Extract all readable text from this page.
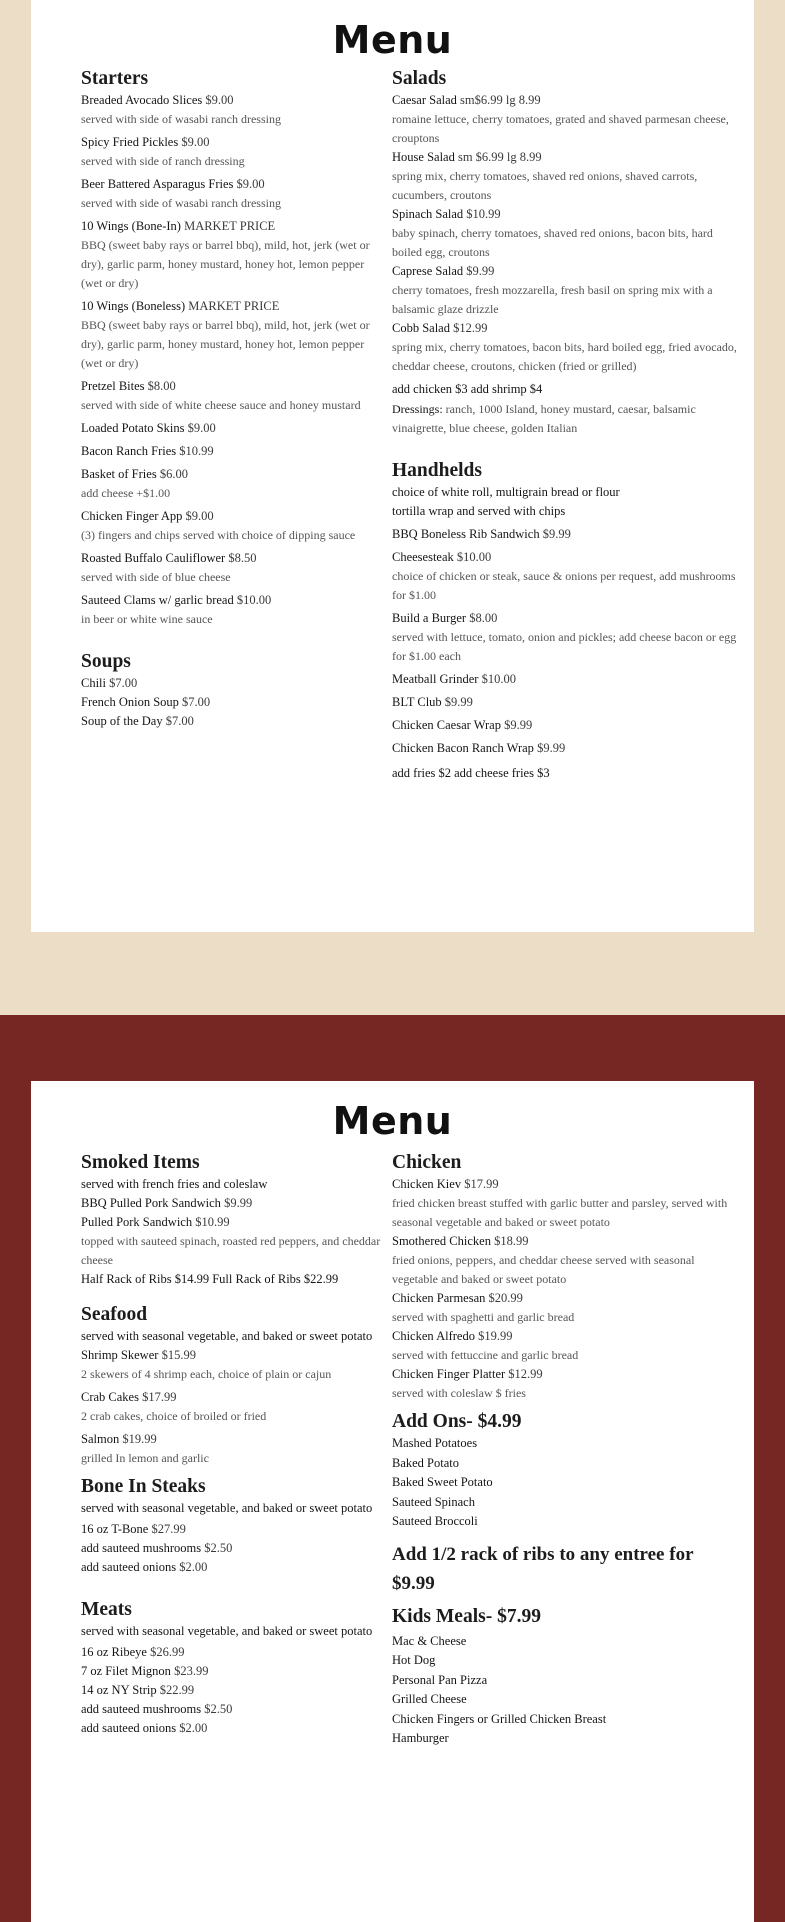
Menu
Starters
Breaded Avocado Slices $9.00
served with side of wasabi ranch dressing
Spicy Fried Pickles $9.00
served with side of ranch dressing
Beer Battered Asparagus Fries $9.00
served with side of wasabi ranch dressing
10 Wings (Bone-In) MARKET PRICE
BBQ (sweet baby rays or barrel bbq), mild, hot, jerk (wet or dry), garlic parm, honey mustard, honey hot, lemon pepper (wet or dry)
10 Wings (Boneless) MARKET PRICE
BBQ (sweet baby rays or barrel bbq), mild, hot, jerk (wet or dry), garlic parm, honey mustard, honey hot, lemon pepper (wet or dry)
Pretzel Bites $8.00
served with side of white cheese sauce and honey mustard
Loaded Potato Skins $9.00
Bacon Ranch Fries $10.99
Basket of Fries $6.00
add cheese +$1.00
Chicken Finger App $9.00
(3) fingers and chips served with choice of dipping sauce
Roasted Buffalo Cauliflower $8.50
served with side of blue cheese
Sauteed Clams w/ garlic bread $10.00
in beer or white wine sauce
Soups
Chili $7.00
French Onion Soup $7.00
Soup of the Day $7.00
Salads
Caesar Salad sm$6.99 lg 8.99
romaine lettuce, cherry tomatoes, grated and shaved parmesan cheese, crouptons
House Salad sm $6.99 lg 8.99
spring mix, cherry tomatoes, shaved red onions, shaved carrots, cucumbers, croutons
Spinach Salad $10.99
baby spinach, cherry tomatoes, shaved red onions, bacon bits, hard boiled egg, croutons
Caprese Salad $9.99
cherry tomatoes, fresh mozzarella, fresh basil on spring mix with a balsamic glaze drizzle
Cobb Salad $12.99
spring mix, cherry tomatoes, bacon bits, hard boiled egg, fried avocado, cheddar cheese, croutons, chicken (fried or grilled)
add chicken $3 add shrimp $4
Dressings: ranch, 1000 Island, honey mustard, caesar, balsamic vinaigrette, blue cheese, golden Italian
Handhelds
choice of white roll, multigrain bread or flour tortilla wrap and served with chips
BBQ Boneless Rib Sandwich $9.99
Cheesesteak $10.00
choice of chicken or steak, sauce & onions per request, add mushrooms for $1.00
Build a Burger $8.00
served with lettuce, tomato, onion and pickles; add cheese bacon or egg for $1.00 each
Meatball Grinder $10.00
BLT Club $9.99
Chicken Caesar Wrap $9.99
Chicken Bacon Ranch Wrap $9.99
add fries $2 add cheese fries $3
Menu
Smoked Items
served with french fries and coleslaw
BBQ Pulled Pork Sandwich $9.99
Pulled Pork Sandwich $10.99
topped with sauteed spinach, roasted red peppers, and cheddar cheese
Half Rack of Ribs $14.99 Full Rack of Ribs $22.99
Seafood
served with seasonal vegetable, and baked or sweet potato
Shrimp Skewer $15.99
2 skewers of 4 shrimp each, choice of plain or cajun
Crab Cakes $17.99
2 crab cakes, choice of broiled or fried
Salmon $19.99
grilled In lemon and garlic
Bone In Steaks
served with seasonal vegetable, and baked or sweet potato
16 oz T-Bone $27.99
add sauteed mushrooms $2.50
add sauteed onions $2.00
Meats
served with seasonal vegetable, and baked or sweet potato
16 oz Ribeye $26.99
7 oz Filet Mignon $23.99
14 oz NY Strip $22.99
add sauteed mushrooms $2.50
add sauteed onions $2.00
Chicken
Chicken Kiev $17.99
fried chicken breast stuffed with garlic butter and parsley, served with seasonal vegetable and baked or sweet potato
Smothered Chicken $18.99
fried onions, peppers, and cheddar cheese served with seasonal vegetable and baked or sweet potato
Chicken Parmesan $20.99
served with spaghetti and garlic bread
Chicken Alfredo $19.99
served with fettuccine and garlic bread
Chicken Finger Platter $12.99
served with coleslaw $ fries
Add Ons- $4.99
Mashed Potatoes
Baked Potato
Baked Sweet Potato
Sauteed Spinach
Sauteed Broccoli
Add 1/2 rack of ribs to any entree for $9.99
Kids Meals- $7.99
Mac & Cheese
Hot Dog
Personal Pan Pizza
Grilled Cheese
Chicken Fingers or Grilled Chicken Breast
Hamburger
